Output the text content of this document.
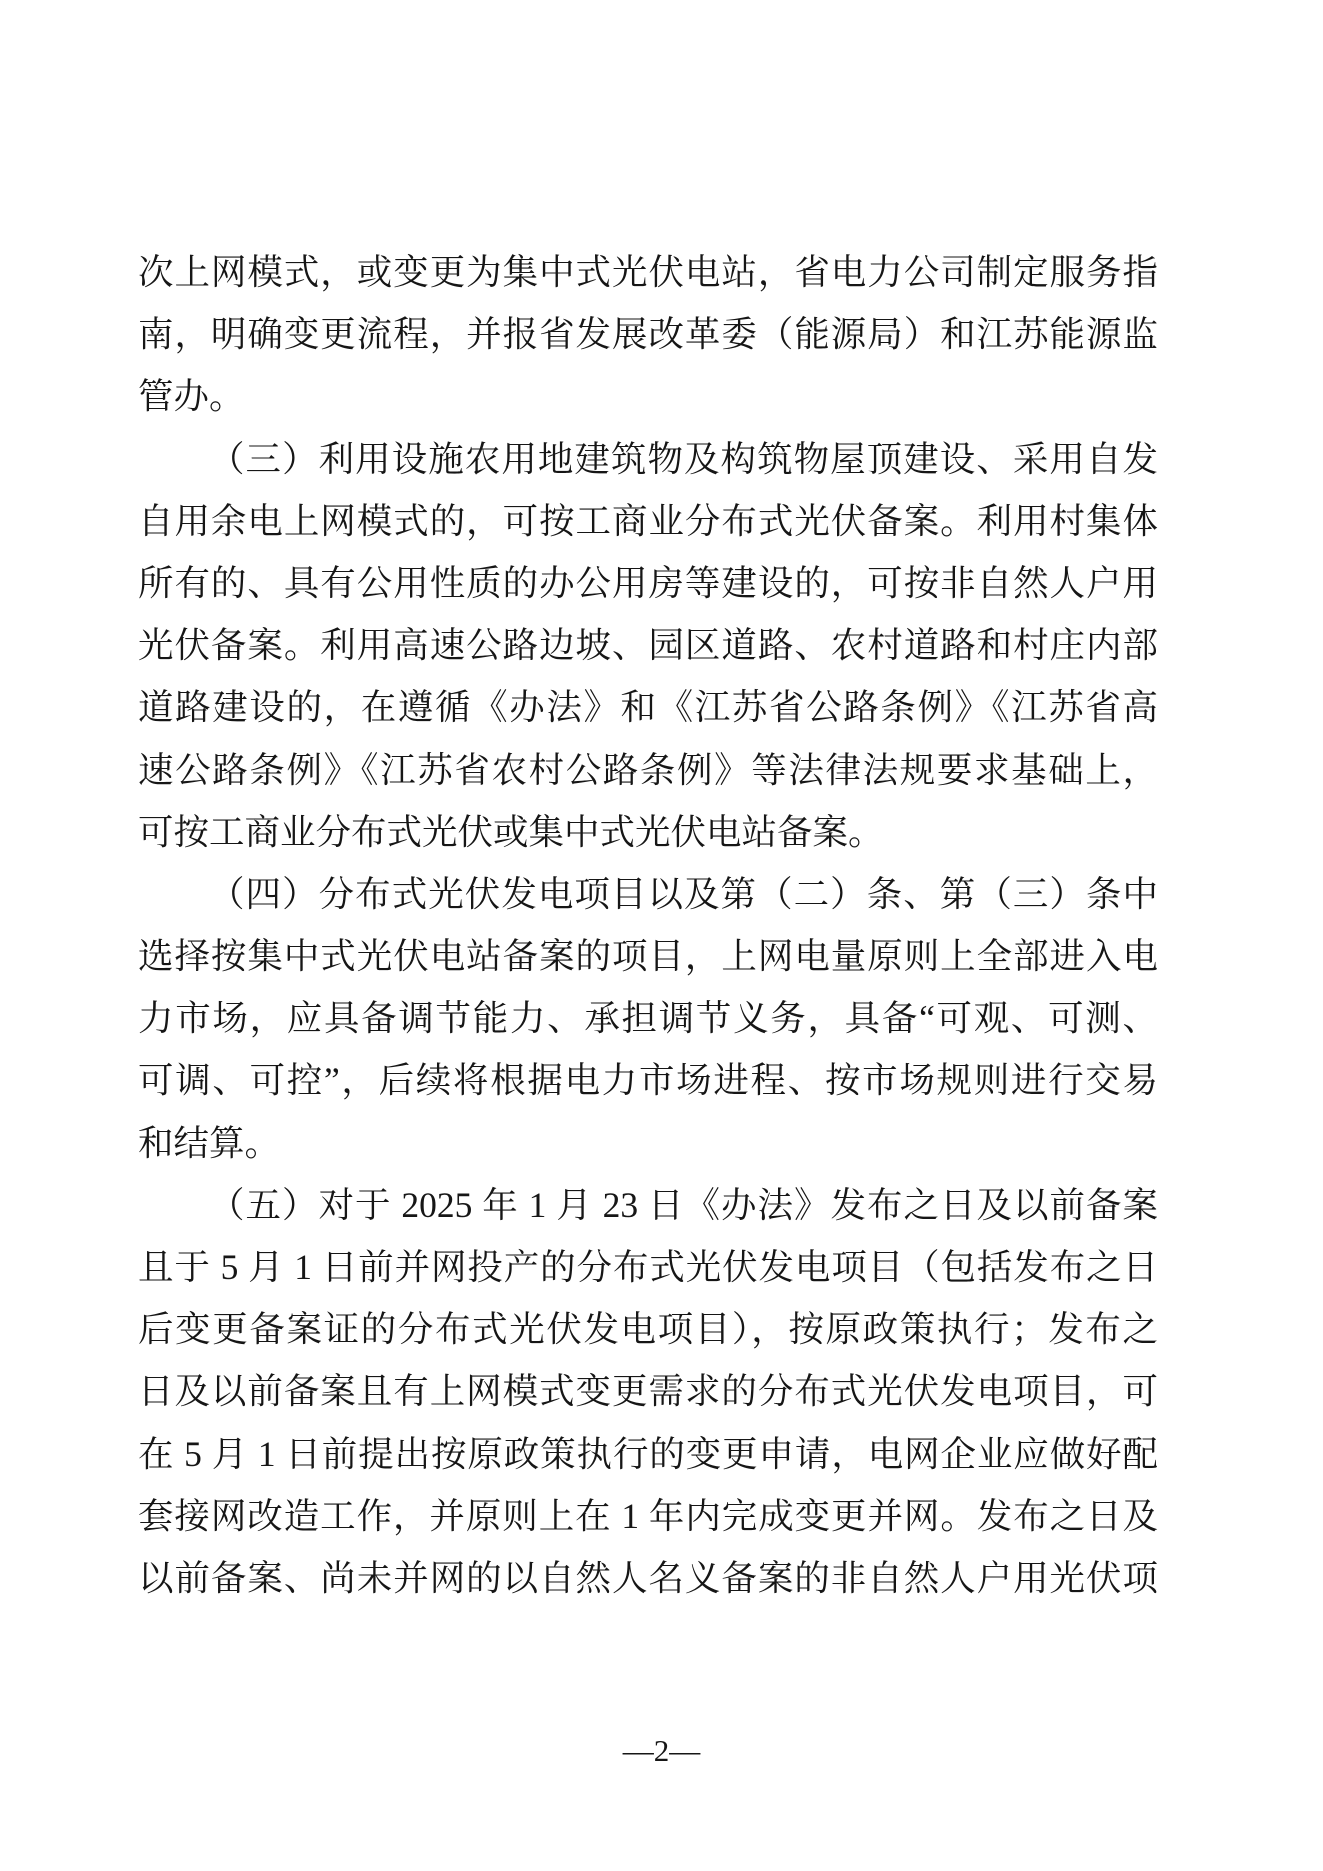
次上网模式，或变更为集中式光伏电站，省电力公司制定服务指
南，明确变更流程，并报省发展改革委（能源局）和江苏能源监
管办。
（三）利用设施农用地建筑物及构筑物屋顶建设、采用自发
自用余电上网模式的，可按工商业分布式光伏备案。利用村集体
所有的、具有公用性质的办公用房等建设的，可按非自然人户用
光伏备案。利用高速公路边坡、园区道路、农村道路和村庄内部
道路建设的，在遵循《办法》和《江苏省公路条例》《江苏省高
速公路条例》《江苏省农村公路条例》等法律法规要求基础上，
可按工商业分布式光伏或集中式光伏电站备案。
（四）分布式光伏发电项目以及第（二）条、第（三）条中
选择按集中式光伏电站备案的项目，上网电量原则上全部进入电
力市场，应具备调节能力、承担调节义务，具备“可观、可测、
可调、可控”，后续将根据电力市场进程、按市场规则进行交易
和结算。
（五）对于 2025 年 1 月 23 日《办法》发布之日及以前备案
且于 5 月 1 日前并网投产的分布式光伏发电项目（包括发布之日
后变更备案证的分布式光伏发电项目），按原政策执行；发布之
日及以前备案且有上网模式变更需求的分布式光伏发电项目，可
在 5 月 1 日前提出按原政策执行的变更申请，电网企业应做好配
套接网改造工作，并原则上在 1 年内完成变更并网。发布之日及
以前备案、尚未并网的以自然人名义备案的非自然人户用光伏项
—2—
